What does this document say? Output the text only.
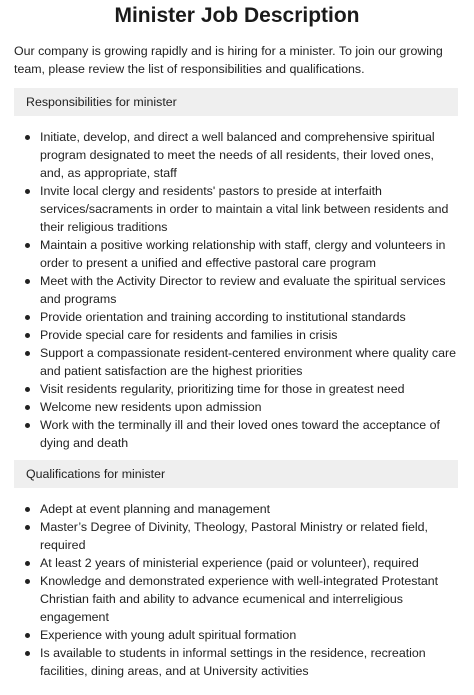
Minister Job Description

Our company is growing rapidly and is hiring for a minister. To join our growing team, please review the list of responsibilities and qualifications.

Responsibilities for minister
Initiate, develop, and direct a well balanced and comprehensive spiritual program designated to meet the needs of all residents, their loved ones, and, as appropriate, staff
Invite local clergy and residents' pastors to preside at interfaith services/sacraments in order to maintain a vital link between residents and their religious traditions
Maintain a positive working relationship with staff, clergy and volunteers in order to present a unified and effective pastoral care program
Meet with the Activity Director to review and evaluate the spiritual services and programs
Provide orientation and training according to institutional standards
Provide special care for residents and families in crisis
Support a compassionate resident-centered environment where quality care and patient satisfaction are the highest priorities
Visit residents regularity, prioritizing time for those in greatest need
Welcome new residents upon admission
Work with the terminally ill and their loved ones toward the acceptance of dying and death
Qualifications for minister
Adept at event planning and management
Master’s Degree of Divinity, Theology, Pastoral Ministry or related field, required
At least 2 years of ministerial experience (paid or volunteer), required
Knowledge and demonstrated experience with well-integrated Protestant Christian faith and ability to advance ecumenical and interreligious engagement
Experience with young adult spiritual formation
Is available to students in informal settings in the residence, recreation facilities, dining areas, and at University activities
